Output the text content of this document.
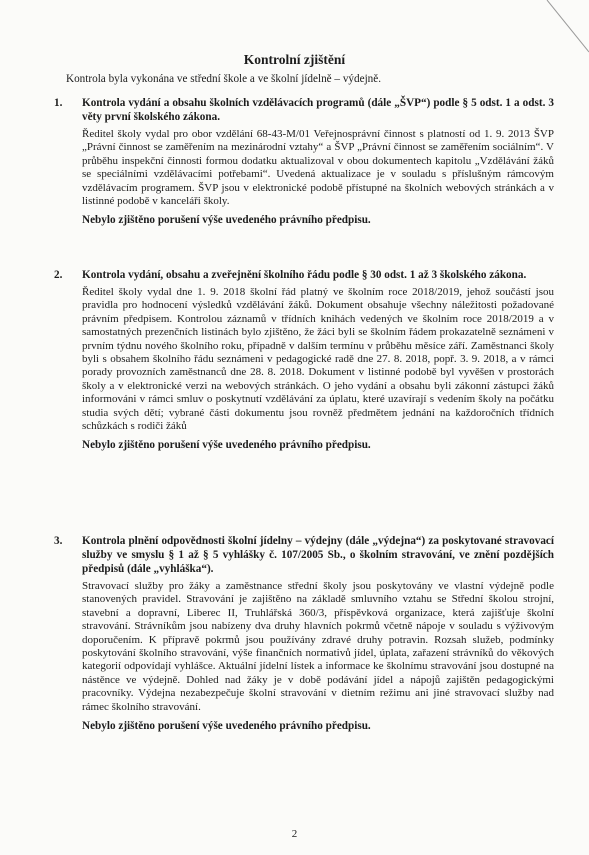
Kontrolní zjištění
Kontrola byla vykonána ve střední škole a ve školní jídelně – výdejně.
1.	Kontrola vydání a obsahu školních vzdělávacích programů (dále „ŠVP“) podle § 5 odst. 1 a odst. 3 věty první školského zákona.
Ředitel školy vydal pro obor vzdělání 68-43-M/01 Veřejnosprávní činnost s platností od 1. 9. 2013 ŠVP „Právní činnost se zaměřením na mezinárodní vztahy“ a ŠVP „Právní činnost se zaměřením sociálním“. V průběhu inspekční činnosti formou dodatku aktualizoval v obou dokumentech kapitolu „Vzdělávání žáků se speciálními vzdělávacími potřebami“. Uvedená aktualizace je v souladu s příslušným rámcovým vzdělávacím programem. ŠVP jsou v elektronické podobě přístupné na školních webových stránkách a v listinné podobě v kanceláři školy.
Nebylo zjištěno porušení výše uvedeného právního předpisu.
2.	Kontrola vydání, obsahu a zveřejnění školního řádu podle § 30 odst. 1 až 3 školského zákona.
Ředitel školy vydal dne 1. 9. 2018 školní řád platný ve školním roce 2018/2019, jehož součástí jsou pravidla pro hodnocení výsledků vzdělávání žáků. Dokument obsahuje všechny náležitosti požadované právním předpisem. Kontrolou záznamů v třídních knihách vedených ve školním roce 2018/2019 a v samostatných prezenčních listinách bylo zjištěno, že žáci byli se školním řádem prokazatelně seznámeni v prvním týdnu nového školního roku, případně v dalším termínu v průběhu měsíce září. Zaměstnanci školy byli s obsahem školního řádu seznámeni v pedagogické radě dne 27. 8. 2018, popř. 3. 9. 2018, a v rámci porady provozních zaměstnanců dne 28. 8. 2018. Dokument v listinné podobě byl vyvěšen v prostorách školy a v elektronické verzi na webových stránkách. O jeho vydání a obsahu byli zákonní zástupci žáků informováni v rámci smluv o poskytnutí vzdělávání za úplatu, které uzavírají s vedením školy na počátku studia svých dětí; vybrané části dokumentu jsou rovněž předmětem jednání na každoročních třídních schůzkách s rodiči žáků
Nebylo zjištěno porušení výše uvedeného právního předpisu.
3.	Kontrola plnění odpovědnosti školní jídelny – výdejny (dále „výdejna“) za poskytované stravovací služby ve smyslu § 1 až § 5 vyhlášky č. 107/2005 Sb., o školním stravování, ve znění pozdějších předpisů (dále „vyhláška“).
Stravovací služby pro žáky a zaměstnance střední školy jsou poskytovány ve vlastní výdejně podle stanovených pravidel. Stravování je zajištěno na základě smluvního vztahu se Střední školou strojní, stavební a dopravní, Liberec II, Truhlářská 360/3, příspěvková organizace, která zajišťuje školní stravování. Strávníkům jsou nabízeny dva druhy hlavních pokrmů včetně nápoje v souladu s výživovým doporučením. K přípravě pokrmů jsou používány zdravé druhy potravin. Rozsah služeb, podmínky poskytování školního stravování, výše finančních normativů jídel, úplata, zařazení strávníků do věkových kategorií odpovídají vyhlášce. Aktuální jídelní lístek a informace ke školnímu stravování jsou dostupné na nástěnce ve výdejně. Dohled nad žáky je v době podávání jídel a nápojů zajištěn pedagogickými pracovníky. Výdejna nezabezpečuje školní stravování v dietním režimu ani jiné stravovací služby nad rámec školního stravování.
Nebylo zjištěno porušení výše uvedeného právního předpisu.
2
